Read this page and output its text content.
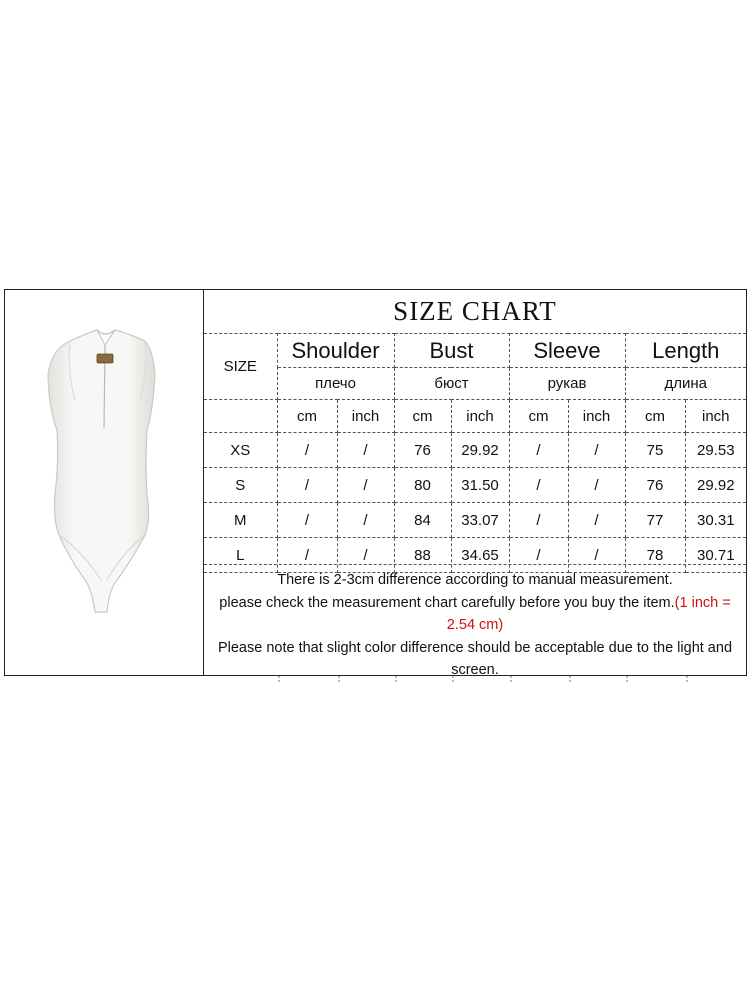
SIZE CHART
SIZE	Shoulder		Bust		Sleeve		Length	
	плечо		бюст		рукав		длина	
	cm	inch	cm	inch	cm	inch	cm	inch
XS	/	/	76	29.92	/	/	75	29.53
S	/	/	80	31.50	/	/	76	29.92
M	/	/	84	33.07	/	/	77	30.31
L	/	/	88	34.65	/	/	78	30.71
There is 2-3cm difference according to manual measurement.
please check the measurement chart carefully before you buy the item.(1 inch = 2.54 cm)
Please note that slight color difference should be acceptable due to the light and screen.
